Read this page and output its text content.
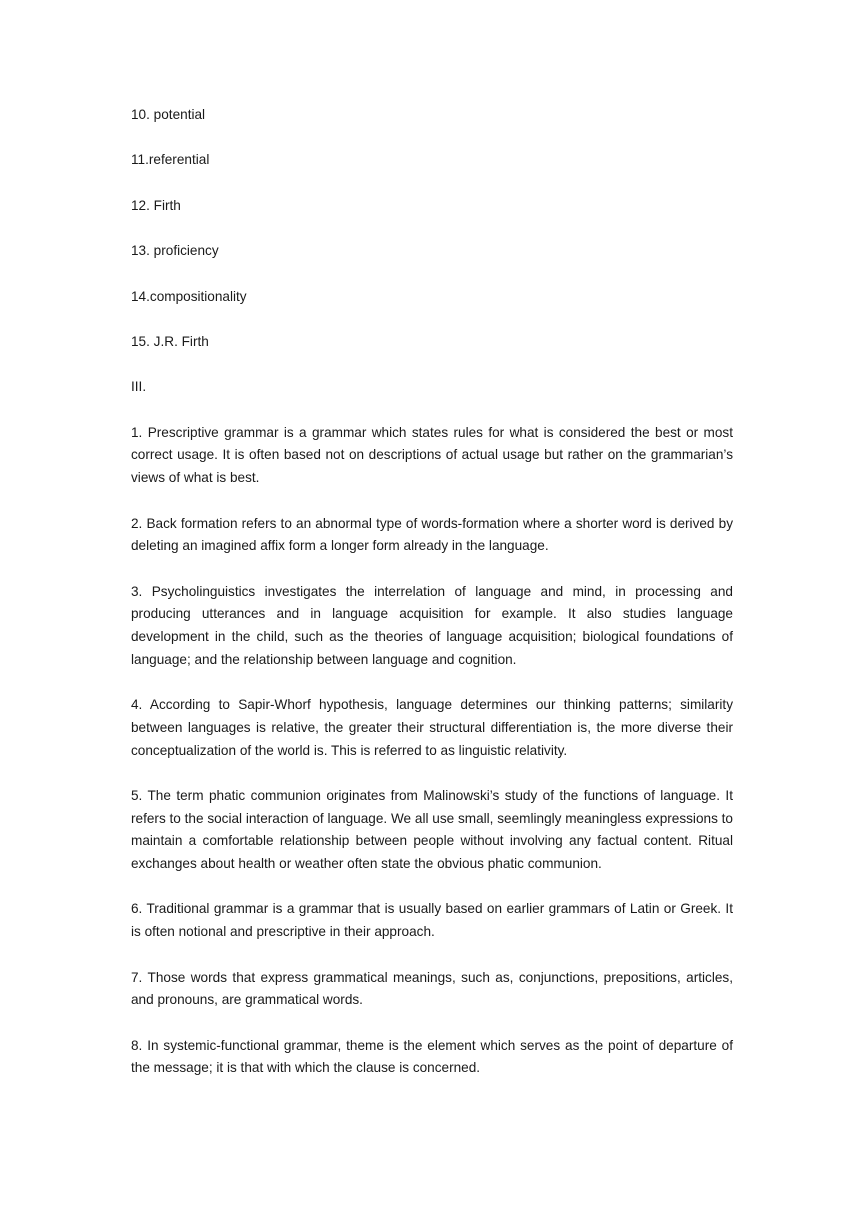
10. potential

11.referential

12. Firth

13. proficiency

14.compositionality

15. J.R. Firth

III.

1. Prescriptive grammar is a grammar which states rules for what is considered the best or most correct usage. It is often based not on descriptions of actual usage but rather on the grammarian’s views of what is best.

2. Back formation refers to an abnormal type of words-formation where a shorter word is derived by deleting an imagined affix form a longer form already in the language.

3. Psycholinguistics investigates the interrelation of language and mind, in processing and producing utterances and in language acquisition for example. It also studies language development in the child, such as the theories of language acquisition; biological foundations of language; and the relationship between language and cognition.

4. According to Sapir-Whorf hypothesis, language determines our thinking patterns; similarity between languages is relative, the greater their structural differentiation is, the more diverse their conceptualization of the world is. This is referred to as linguistic relativity.

5. The term phatic communion originates from Malinowski’s study of the functions of language. It refers to the social interaction of language. We all use small, seemlingly meaningless expressions to maintain a comfortable relationship between people without involving any factual content. Ritual exchanges about health or weather often state the obvious phatic communion.

6. Traditional grammar is a grammar that is usually based on earlier grammars of Latin or Greek. It is often notional and prescriptive in their approach.

7. Those words that express grammatical meanings, such as, conjunctions, prepositions, articles, and pronouns, are grammatical words.

8. In systemic-functional grammar, theme is the element which serves as the point of departure of the message; it is that with which the clause is concerned.
